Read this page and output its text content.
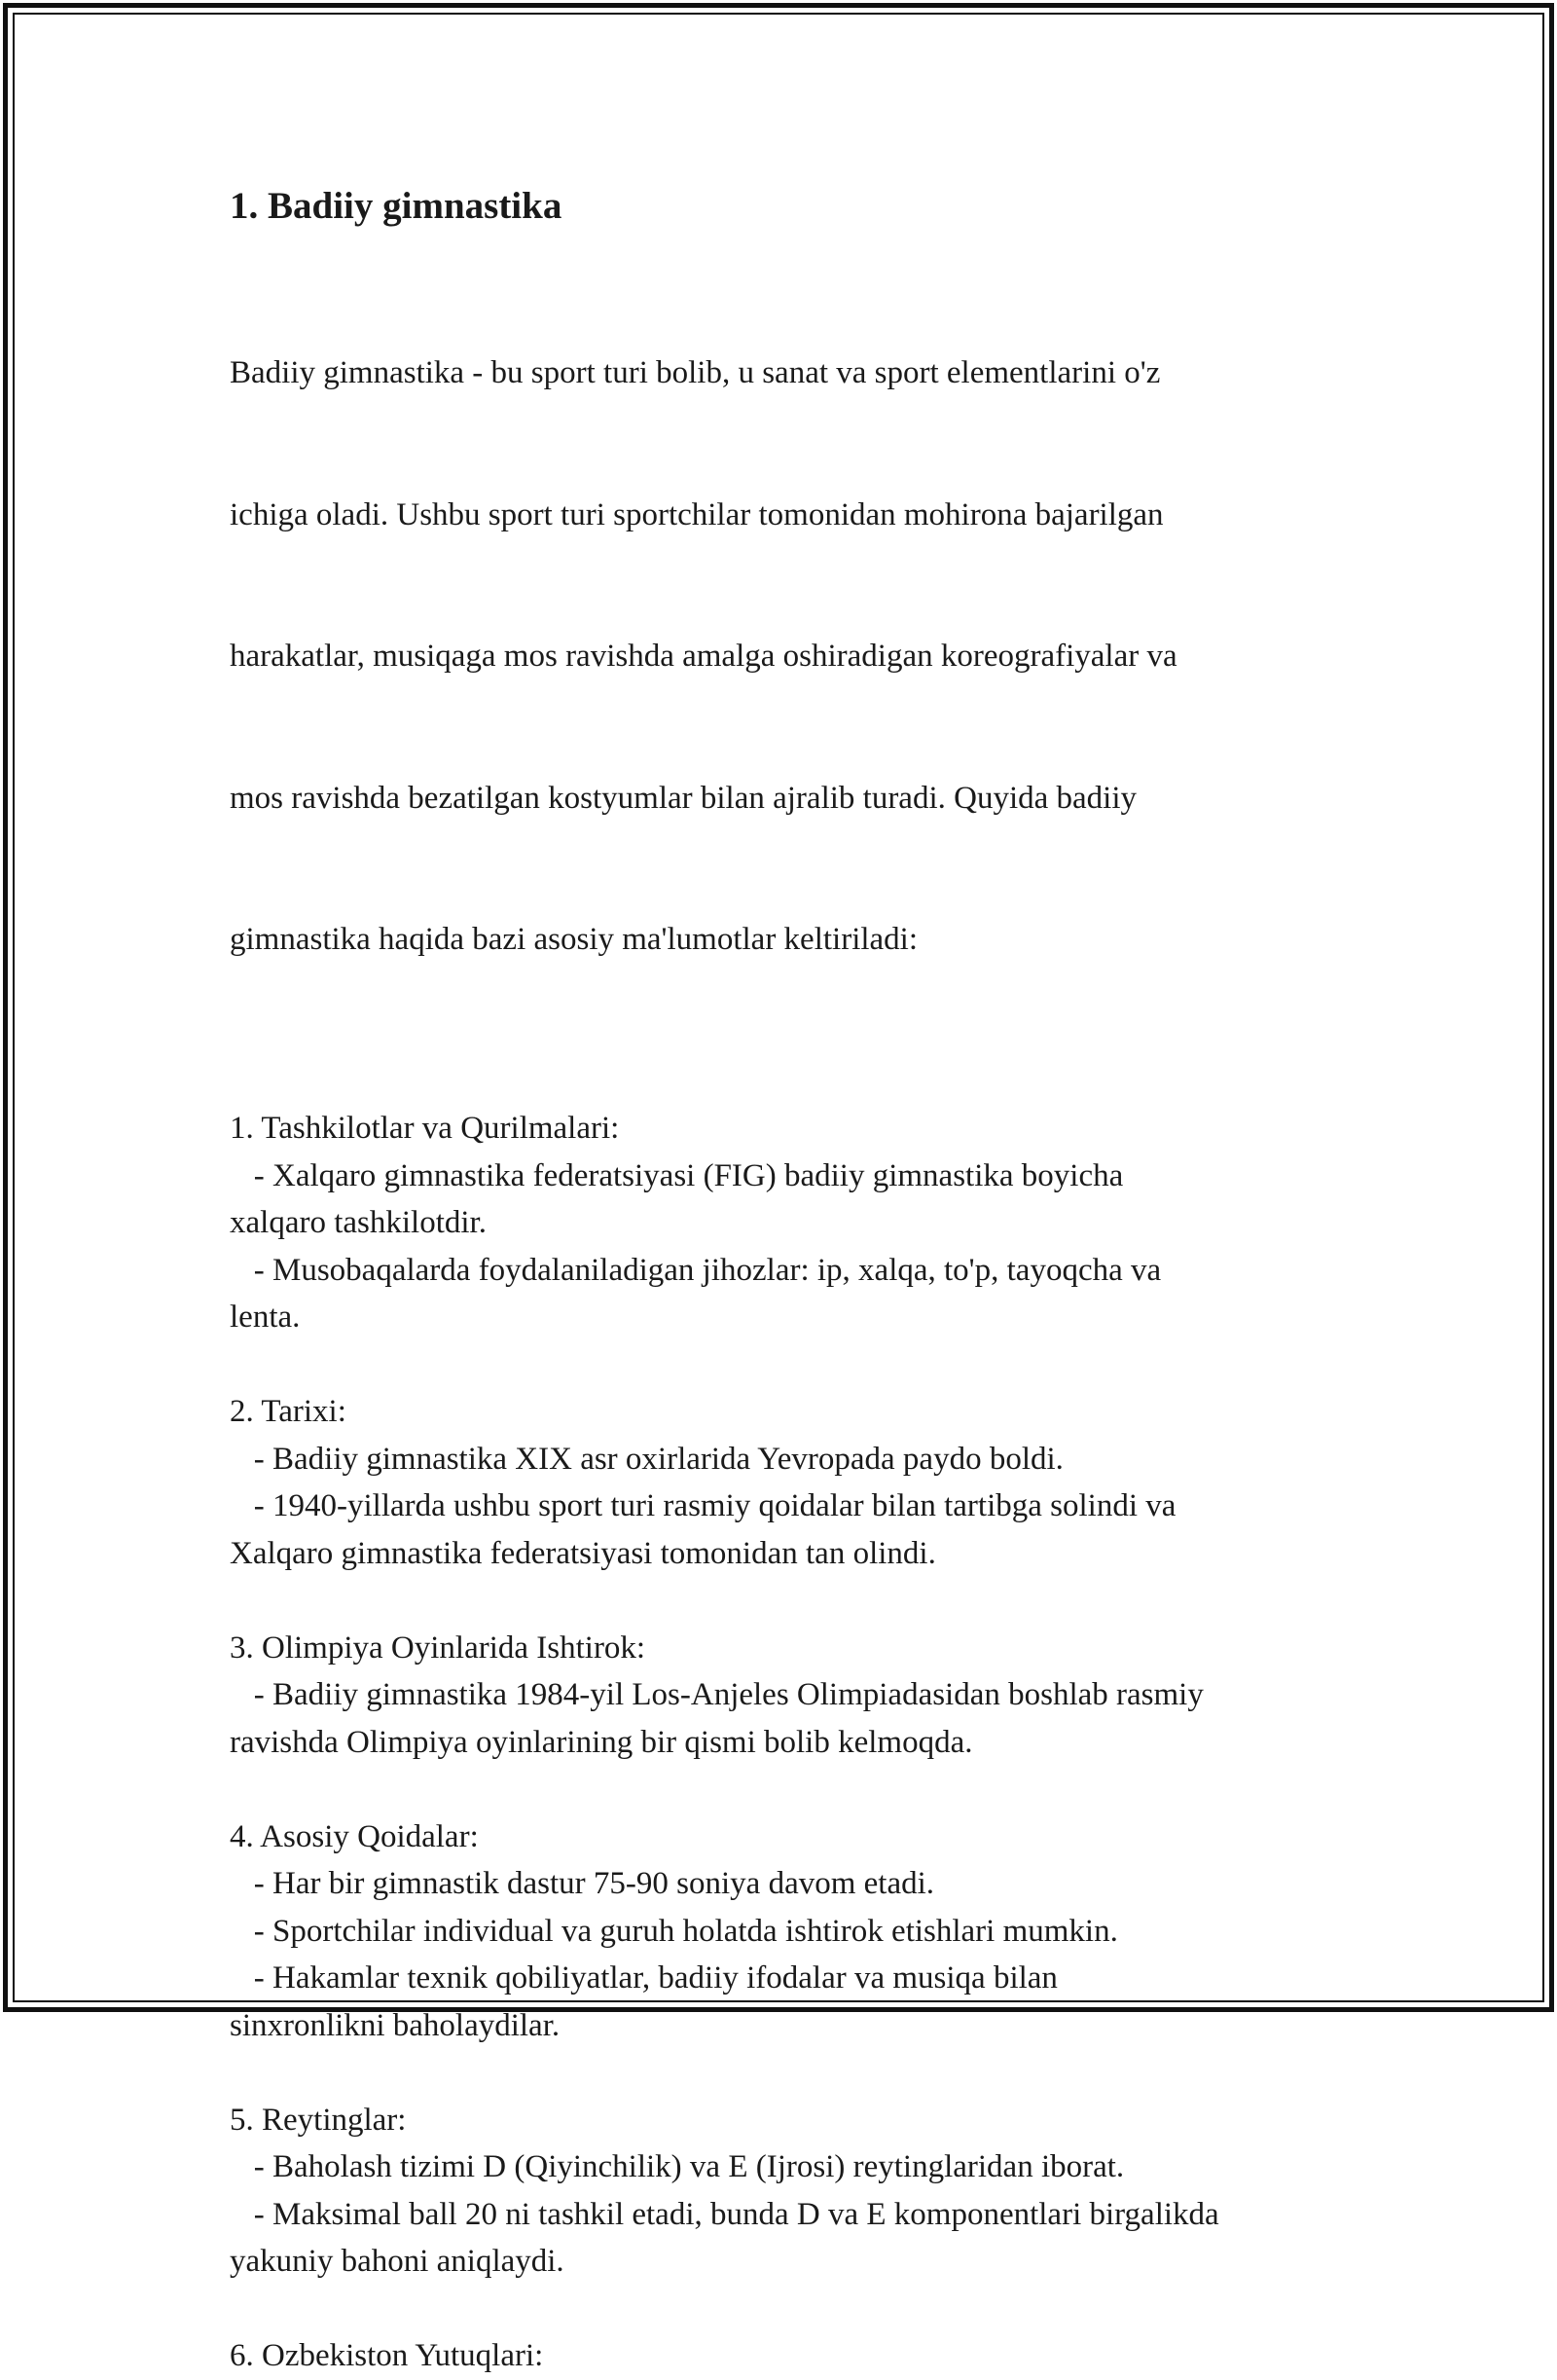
1. Badiiy gimnastika

Badiiy gimnastika - bu sport turi bolib, u sanat va sport elementlarini o'z

ichiga oladi. Ushbu sport turi sportchilar tomonidan mohirona bajarilgan

harakatlar, musiqaga mos ravishda amalga oshiradigan koreografiyalar va

mos ravishda bezatilgan kostyumlar bilan ajralib turadi. Quyida badiiy

gimnastika haqida bazi asosiy ma'lumotlar keltiriladi:

1. Tashkilotlar va Qurilmalari:
- Xalqaro gimnastika federatsiyasi (FIG) badiiy gimnastika boyicha
xalqaro tashkilotdir.
- Musobaqalarda foydalaniladigan jihozlar: ip, xalqa, to'p, tayoqcha va
lenta.
2. Tarixi:
- Badiiy gimnastika XIX asr oxirlarida Yevropada paydo boldi.
- 1940-yillarda ushbu sport turi rasmiy qoidalar bilan tartibga solindi va
Xalqaro gimnastika federatsiyasi tomonidan tan olindi.
3. Olimpiya Oyinlarida Ishtirok:
- Badiiy gimnastika 1984-yil Los-Anjeles Olimpiadasidan boshlab rasmiy
ravishda Olimpiya oyinlarining bir qismi bolib kelmoqda.
4. Asosiy Qoidalar:
- Har bir gimnastik dastur 75-90 soniya davom etadi.
- Sportchilar individual va guruh holatda ishtirok etishlari mumkin.
- Hakamlar texnik qobiliyatlar, badiiy ifodalar va musiqa bilan
sinxronlikni baholaydilar.
5. Reytinglar:
- Baholash tizimi D (Qiyinchilik) va E (Ijrosi) reytinglaridan iborat.
- Maksimal ball 20 ni tashkil etadi, bunda D va E komponentlari birgalikda
yakuniy bahoni aniqlaydi.
6. Ozbekiston Yutuqlari:
